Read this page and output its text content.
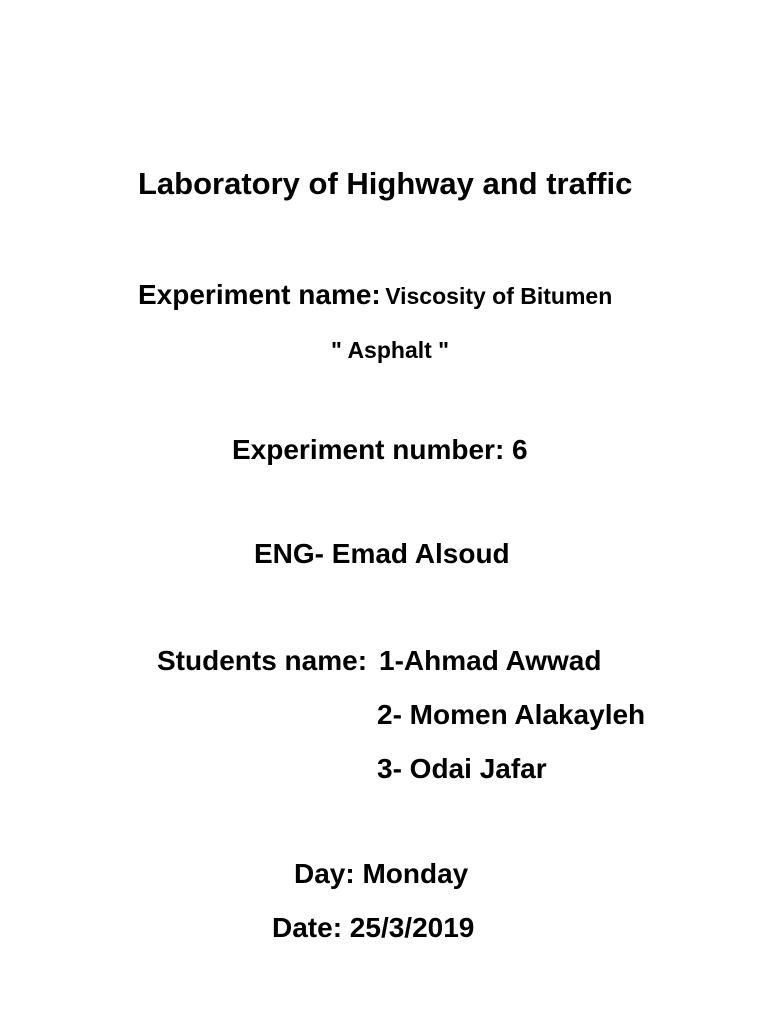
Laboratory of Highway and traffic
Experiment name: Viscosity of Bitumen
" Asphalt "
Experiment number: 6
ENG- Emad Alsoud
Students name: 1-Ahmad Awwad
2- Momen Alakayleh
3- Odai Jafar
Day: Monday
Date: 25/3/2019
